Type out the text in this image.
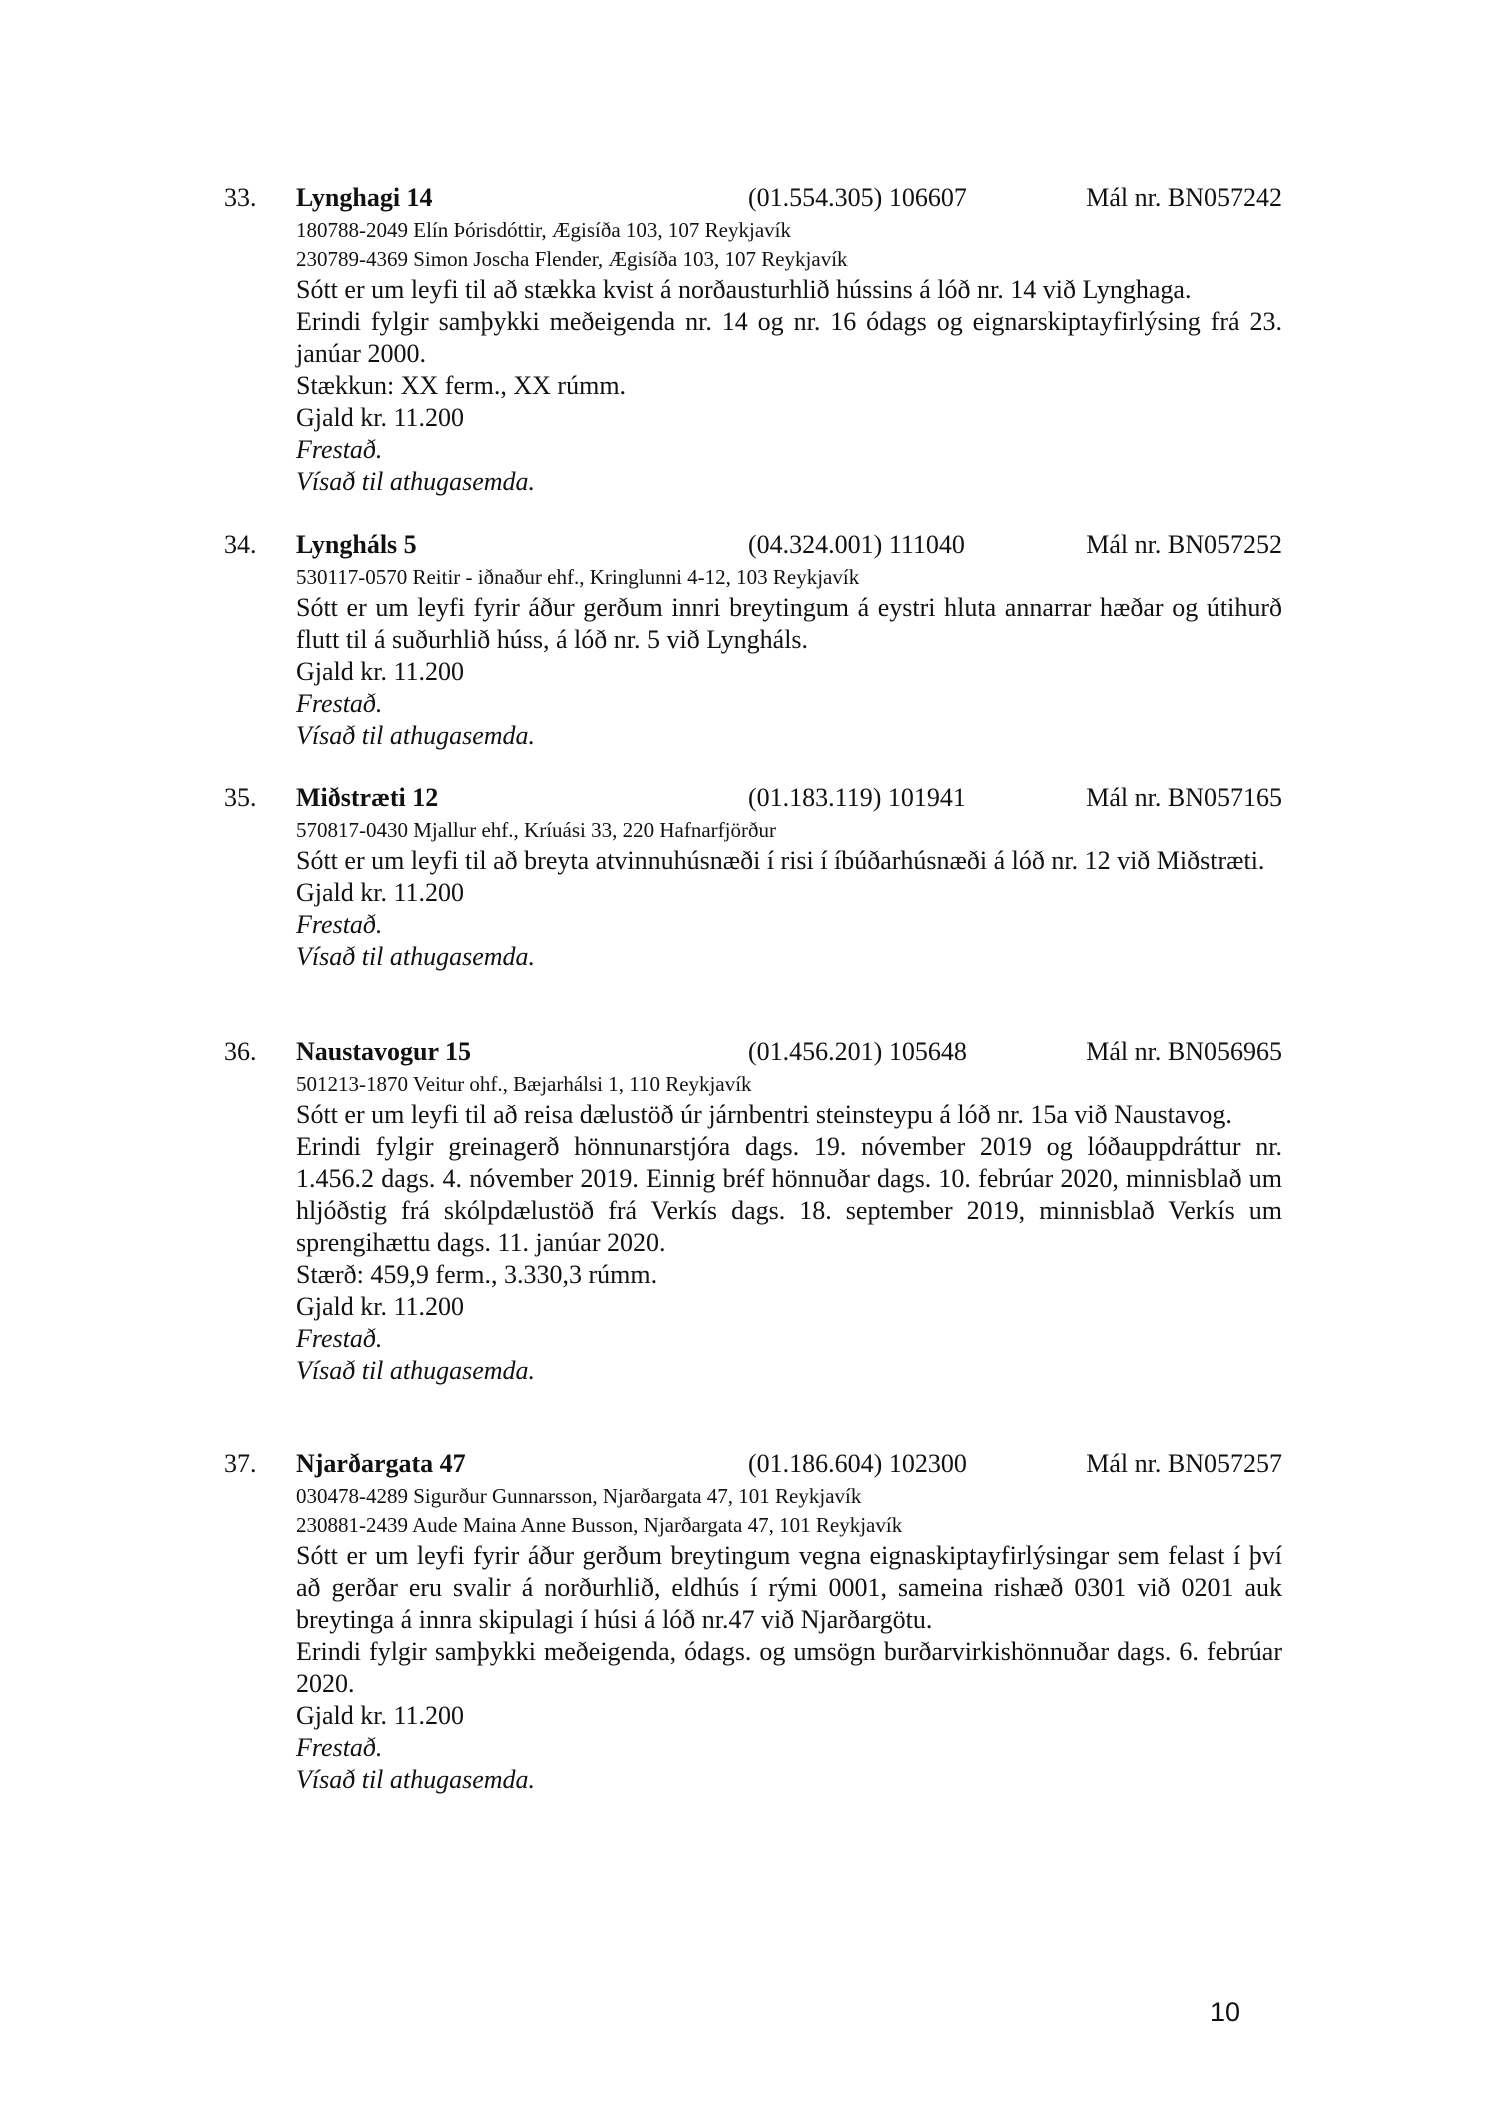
33. Lynghagi 14	(01.554.305) 106607	Mál nr. BN057242
180788-2049 Elín Þórisdóttir, Ægisíða 103, 107 Reykjavík
230789-4369 Simon Joscha Flender, Ægisíða 103, 107 Reykjavík
Sótt er um leyfi til að stækka kvist á norðausturhlið hússins á lóð nr. 14 við Lynghaga.
Erindi fylgir samþykki meðeigenda nr. 14 og nr. 16 ódags og eignarskiptayfirlýsing frá 23. janúar 2000.
Stækkun: XX ferm., XX rúmm.
Gjald kr. 11.200
Frestað.
Vísað til athugasemda.
34. Lyngháls 5	(04.324.001) 111040	Mál nr. BN057252
530117-0570 Reitir - iðnaður ehf., Kringlunni 4-12, 103 Reykjavík
Sótt er um leyfi fyrir áður gerðum innri breytingum á eystri hluta annarrar hæðar og útihurð flutt til á suðurhlið húss, á lóð nr. 5 við Lyngháls.
Gjald kr. 11.200
Frestað.
Vísað til athugasemda.
35. Miðstræti 12	(01.183.119) 101941	Mál nr. BN057165
570817-0430 Mjallur ehf., Kríuási 33, 220 Hafnarfjörður
Sótt er um leyfi til að breyta atvinnuhúsnæði í risi í íbúðarhúsnæði á lóð nr. 12 við Miðstræti.
Gjald kr. 11.200
Frestað.
Vísað til athugasemda.
36. Naustavogur 15	(01.456.201) 105648	Mál nr. BN056965
501213-1870 Veitur ohf., Bæjarhálsi 1, 110 Reykjavík
Sótt er um leyfi til að reisa dælustöð úr járnbentri steinsteypu á lóð nr. 15a við Naustavog.
Erindi fylgir greinagerð hönnunarstjóra dags. 19. nóvember 2019 og lóðauppdráttur nr. 1.456.2 dags. 4. nóvember 2019. Einnig bréf hönnuðar dags. 10. febrúar 2020, minnisblað um hljóðstig frá skólpdælustöð frá Verkís dags. 18. september 2019, minnisblað Verkís um sprengihættu dags. 11. janúar 2020.
Stærð: 459,9 ferm., 3.330,3 rúmm.
Gjald kr. 11.200
Frestað.
Vísað til athugasemda.
37. Njarðargata 47	(01.186.604) 102300	Mál nr. BN057257
030478-4289 Sigurður Gunnarsson, Njarðargata 47, 101 Reykjavík
230881-2439 Aude Maina Anne Busson, Njarðargata 47, 101 Reykjavík
Sótt er um leyfi fyrir áður gerðum breytingum vegna eignaskiptayfirlýsingar sem felast í því að gerðar eru svalir á norðurhlið, eldhús í rými 0001, sameina rishæð 0301 við 0201 auk breytinga á innra skipulagi í húsi á lóð nr.47 við Njarðargötu.
Erindi fylgir samþykki meðeigenda, ódags. og umsögn burðarvirkishönnuðar dags. 6. febrúar 2020.
Gjald kr. 11.200
Frestað.
Vísað til athugasemda.
10
